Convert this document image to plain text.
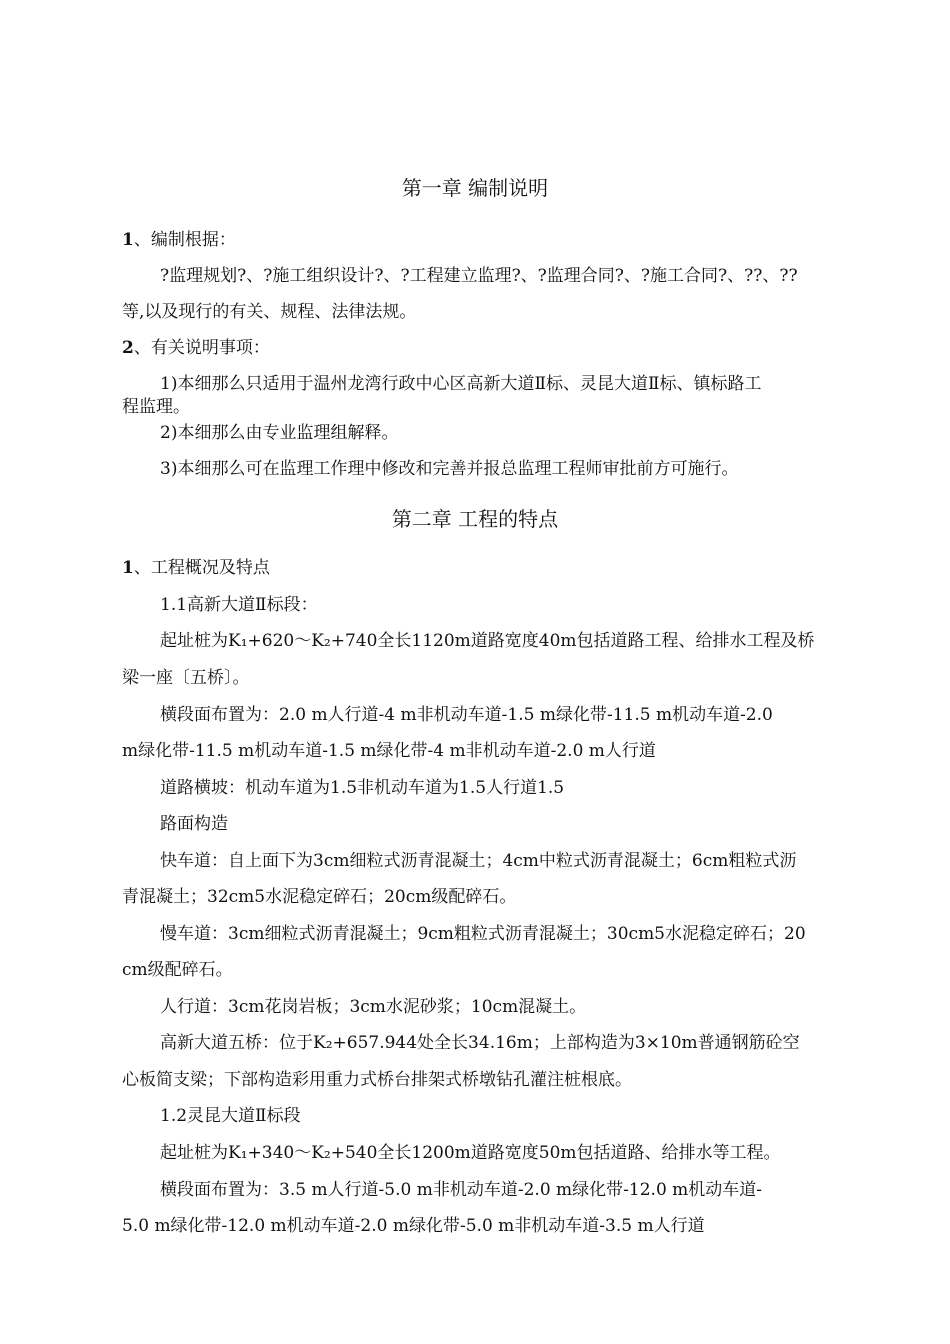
第一章 编制说明
1、编制根据：
?监理规划?、?施工组织设计?、?工程建立监理?、?监理合同?、?施工合同?、??、??
等,以及现行的有关、规程、法律法规。
2、有关说明事项：
1)本细那么只适用于温州龙湾行政中心区高新大道Ⅱ标、灵昆大道Ⅱ标、镇标路工
程监理。
2)本细那么由专业监理组解释。
3)本细那么可在监理工作理中修改和完善并报总监理工程师审批前方可施行。
第二章 工程的特点
1、工程概况及特点
1.1高新大道Ⅱ标段：
起址桩为K₁+620～K₂+740全长1120m道路宽度40m包括道路工程、给排水工程及桥
梁一座〔五桥〕。
横段面布置为：2.0 m人行道-4 m非机动车道-1.5 m绿化带-11.5 m机动车道-2.0
m绿化带-11.5 m机动车道-1.5 m绿化带-4 m非机动车道-2.0 m人行道
道路横坡：机动车道为1.5非机动车道为1.5人行道1.5
路面构造
快车道：自上面下为3cm细粒式沥青混凝土；4cm中粒式沥青混凝土；6cm粗粒式沥
青混凝土；32cm5水泥稳定碎石；20cm级配碎石。
慢车道：3cm细粒式沥青混凝土；9cm粗粒式沥青混凝土；30cm5水泥稳定碎石；20
cm级配碎石。
人行道：3cm花岗岩板；3cm水泥砂浆；10cm混凝土。
高新大道五桥：位于K₂+657.944处全长34.16m；上部构造为3×10m普通钢筋砼空
心板简支梁；下部构造彩用重力式桥台排架式桥墩钻孔灌注桩根底。
1.2灵昆大道Ⅱ标段
起址桩为K₁+340～K₂+540全长1200m道路宽度50m包括道路、给排水等工程。
横段面布置为：3.5 m人行道-5.0 m非机动车道-2.0 m绿化带-12.0 m机动车道-
5.0 m绿化带-12.0 m机动车道-2.0 m绿化带-5.0 m非机动车道-3.5 m人行道
